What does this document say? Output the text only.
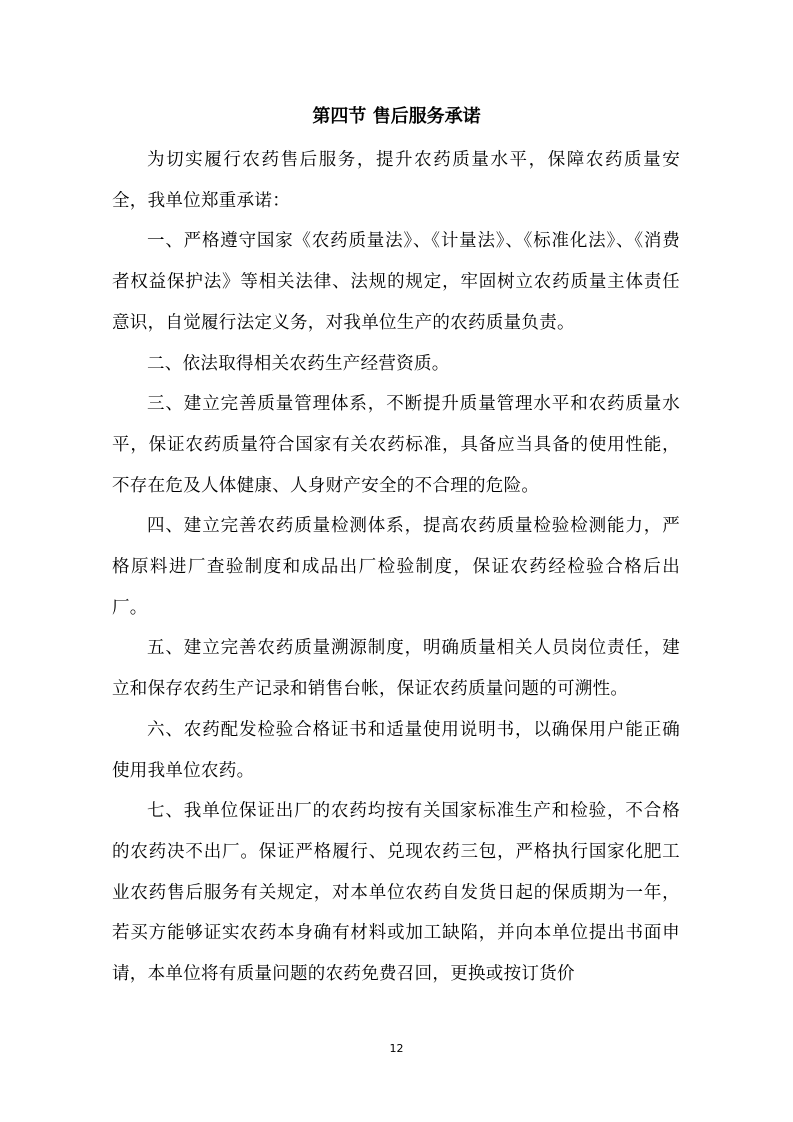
第四节 售后服务承诺

为切实履行农药售后服务，提升农药质量水平，保障农药质量安全，我单位郑重承诺：

一、严格遵守国家《农药质量法》、《计量法》、《标准化法》、《消费者权益保护法》等相关法律、法规的规定，牢固树立农药质量主体责任意识，自觉履行法定义务，对我单位生产的农药质量负责。

二、依法取得相关农药生产经营资质。

三、建立完善质量管理体系，不断提升质量管理水平和农药质量水平，保证农药质量符合国家有关农药标准，具备应当具备的使用性能，不存在危及人体健康、人身财产安全的不合理的危险。

四、建立完善农药质量检测体系，提高农药质量检验检测能力，严格原料进厂查验制度和成品出厂检验制度，保证农药经检验合格后出厂。

五、建立完善农药质量溯源制度，明确质量相关人员岗位责任，建立和保存农药生产记录和销售台帐，保证农药质量问题的可溯性。

六、农药配发检验合格证书和适量使用说明书，以确保用户能正确使用我单位农药。

七、我单位保证出厂的农药均按有关国家标准生产和检验，不合格的农药决不出厂。保证严格履行、兑现农药三包，严格执行国家化肥工业农药售后服务有关规定，对本单位农药自发货日起的保质期为一年，若买方能够证实农药本身确有材料或加工缺陷，并向本单位提出书面申请，本单位将有质量问题的农药免费召回，更换或按订货价

12
